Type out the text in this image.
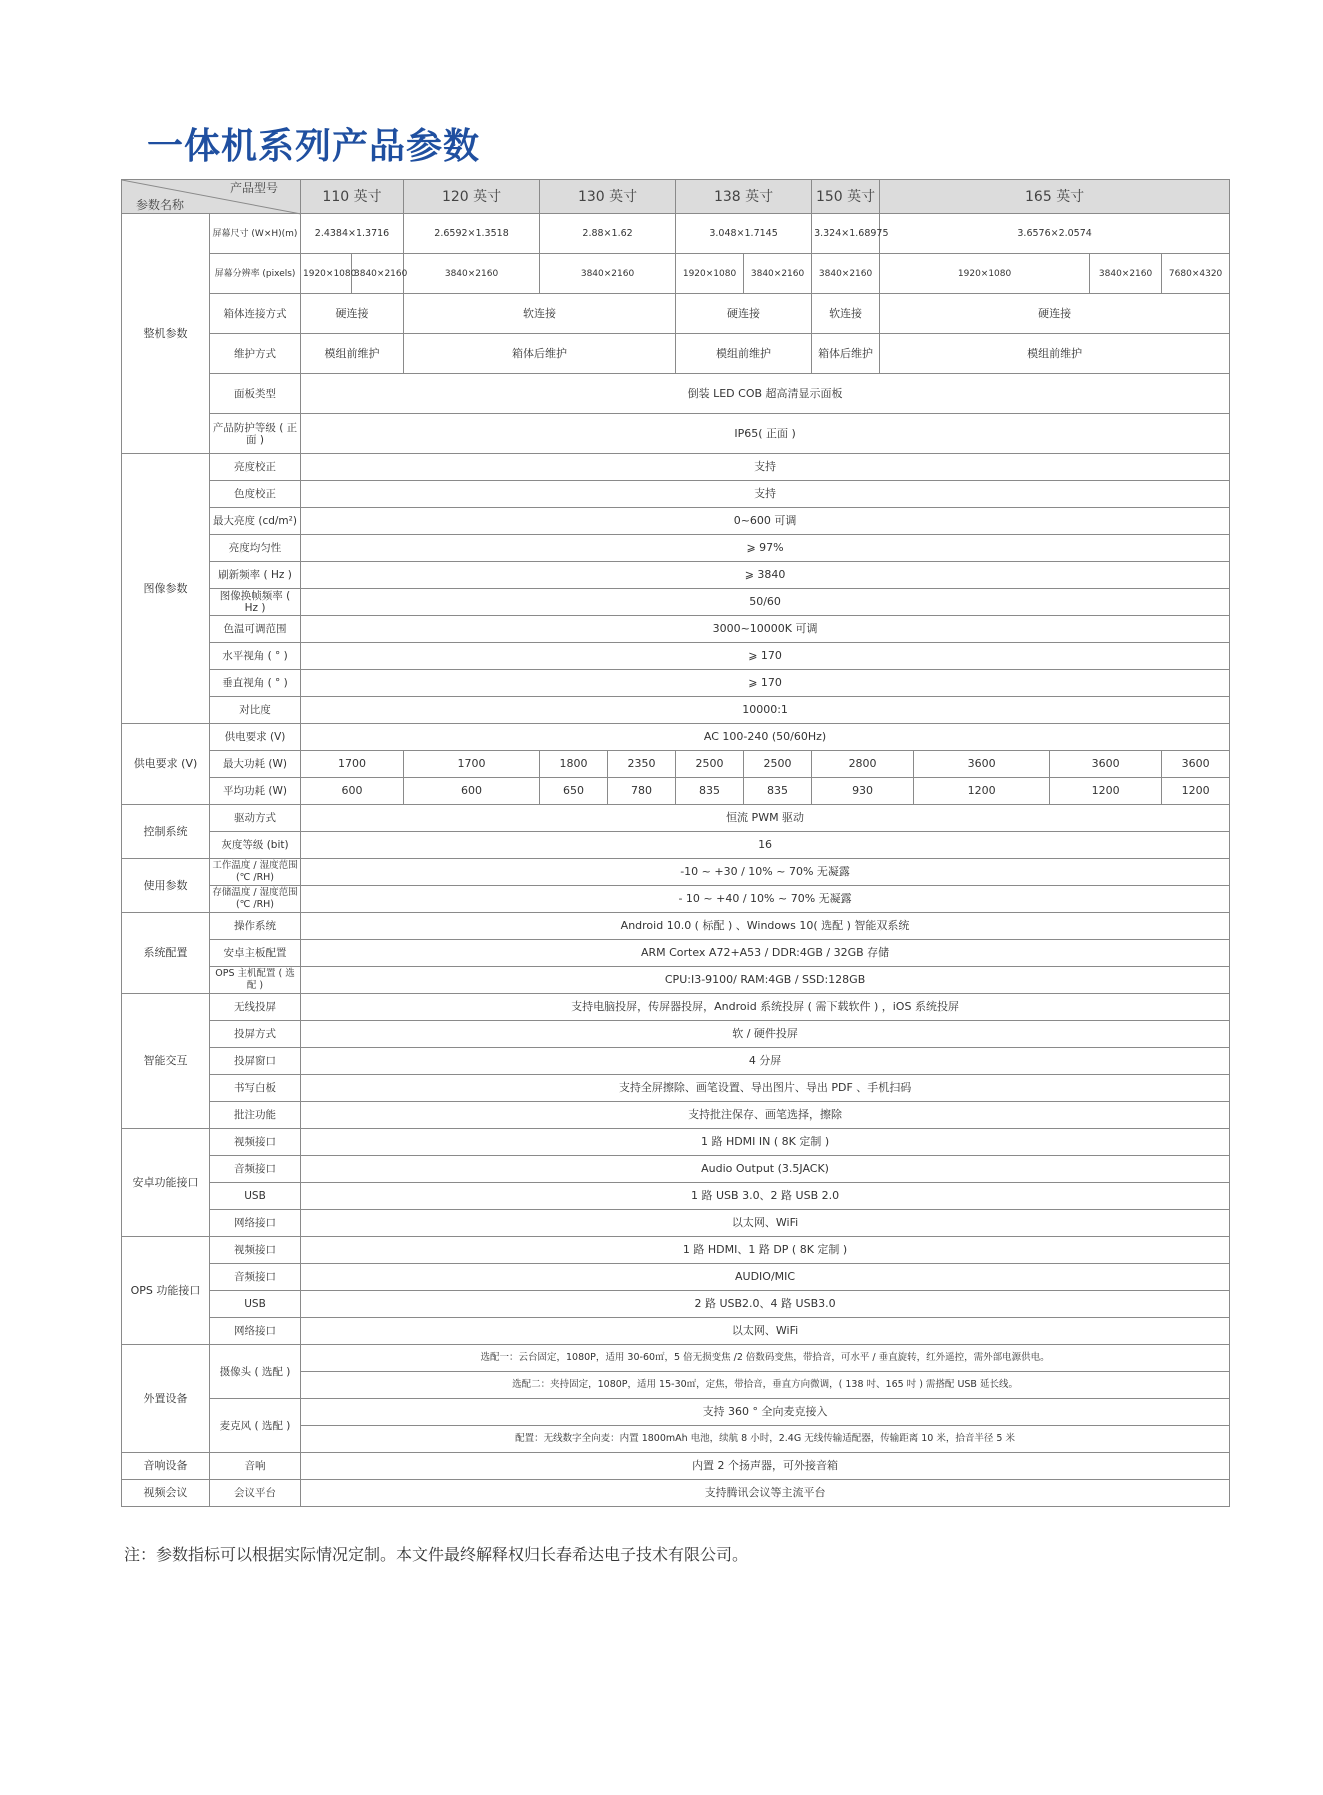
一体机系列产品参数
产品型号
参数名称		110 英寸		120 英寸	130 英寸		138 英寸		150 英寸	165 英寸				
整机参数	屏幕尺寸 (W×H)(m)	2.4384×1.3716		2.6592×1.3518	2.88×1.62		3.048×1.7145		3.324×1.68975	3.6576×2.0574				
	屏幕分辨率 (pixels)	1920×1080	3840×2160	3840×2160	3840×2160		1920×1080	3840×2160	3840×2160	1920×1080			3840×2160	7680×4320
	箱体连接方式	硬连接		软连接			硬连接		软连接	硬连接				
	维护方式	模组前维护		箱体后维护			模组前维护		箱体后维护	模组前维护				
	面板类型	倒装 LED COB 超高清显示面板												
	产品防护等级 ( 正面 )	IP65( 正面 )												
图像参数	亮度校正	支持												
	色度校正	支持												
	最大亮度 (cd/m²)	0~600 可调												
	亮度均匀性	⩾ 97%												
	刷新频率 ( Hz )	⩾ 3840												
	图像换帧频率 ( Hz )	50/60												
	色温可调范围	3000~10000K 可调												
	水平视角 ( ° )	⩾ 170												
	垂直视角 ( ° )	⩾ 170												
	对比度	10000:1												
供电要求 (V)	供电要求 (V)	AC 100-240 (50/60Hz)												
	最大功耗 (W)	1700		1700	1800	2350	2500	2500	2800		3600	3600		3600
	平均功耗 (W)	600		600	650	780	835	835	930		1200	1200		1200
控制系统	驱动方式	恒流 PWM 驱动												
	灰度等级 (bit)	16												
使用参数	工作温度 / 湿度范围 (℃ /RH)	-10 ~ +30 / 10% ~ 70% 无凝露												
	存储温度 / 湿度范围 (℃ /RH)	- 10 ~ +40 / 10% ~ 70% 无凝露												
系统配置	操作系统	Android 10.0 ( 标配 ) 、Windows 10( 选配 ) 智能双系统												
	安卓主板配置	ARM Cortex A72+A53 / DDR:4GB / 32GB 存储												
	OPS 主机配置 ( 选配 )	CPU:I3-9100/ RAM:4GB / SSD:128GB												
智能交互	无线投屏	支持电脑投屏，传屏器投屏，Android 系统投屏 ( 需下载软件 ) ，iOS 系统投屏												
	投屏方式	软 / 硬件投屏												
	投屏窗口	4 分屏												
	书写白板	支持全屏擦除、画笔设置、导出图片、导出 PDF 、手机扫码												
	批注功能	支持批注保存、画笔选择，擦除												
安卓功能接口	视频接口	1 路 HDMI IN ( 8K 定制 )												
	音频接口	Audio Output (3.5JACK)												
	USB	1 路 USB 3.0、2 路 USB 2.0												
	网络接口	以太网、WiFi												
OPS 功能接口	视频接口	1 路 HDMI、1 路 DP ( 8K 定制 )												
	音频接口	AUDIO/MIC												
	USB	2 路 USB2.0、4 路 USB3.0												
	网络接口	以太网、WiFi												
外置设备	摄像头 ( 选配 )	选配一：云台固定，1080P，适用 30-60㎡，5 倍无损变焦 /2 倍数码变焦，带拾音，可水平 / 垂直旋转，红外遥控，需外部电源供电。												
		选配二：夹持固定，1080P，适用 15-30㎡，定焦，带拾音，垂直方向微调，( 138 吋、165 吋 ) 需搭配 USB 延长线。												
	麦克风 ( 选配 )	支持 360 ° 全向麦克接入												
		配置：无线数字全向麦：内置 1800mAh 电池，续航 8 小时，2.4G 无线传输适配器，传输距离 10 米，拾音半径 5 米												
音响设备	音响	内置 2 个扬声器，可外接音箱												
视频会议	会议平台	支持腾讯会议等主流平台												

注：参数指标可以根据实际情况定制。本文件最终解释权归长春希达电子技术有限公司。
